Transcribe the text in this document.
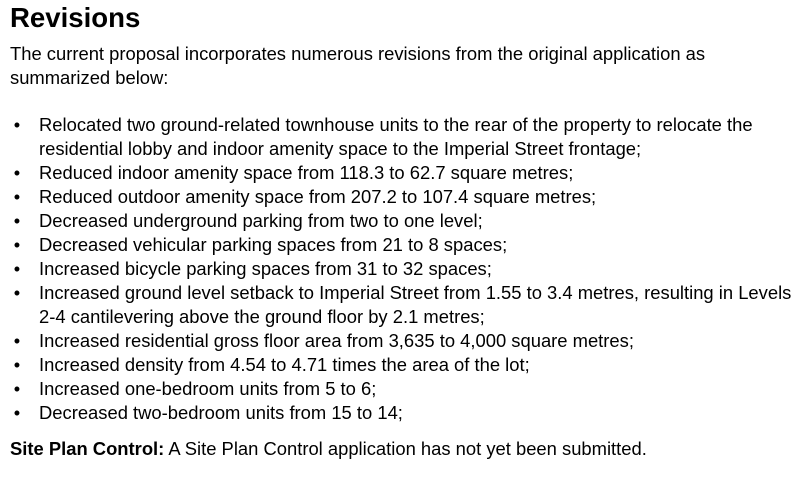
Revisions

The current proposal incorporates numerous revisions from the original application as summarized below:

• Relocated two ground-related townhouse units to the rear of the property to relocate the residential lobby and indoor amenity space to the Imperial Street frontage;
• Reduced indoor amenity space from 118.3 to 62.7 square metres;
• Reduced outdoor amenity space from 207.2 to 107.4 square metres;
• Decreased underground parking from two to one level;
• Decreased vehicular parking spaces from 21 to 8 spaces;
• Increased bicycle parking spaces from 31 to 32 spaces;
• Increased ground level setback to Imperial Street from 1.55 to 3.4 metres, resulting in Levels 2-4 cantilevering above the ground floor by 2.1 metres;
• Increased residential gross floor area from 3,635 to 4,000 square metres;
• Increased density from 4.54 to 4.71 times the area of the lot;
• Increased one-bedroom units from 5 to 6;
• Decreased two-bedroom units from 15 to 14;

Site Plan Control: A Site Plan Control application has not yet been submitted.
